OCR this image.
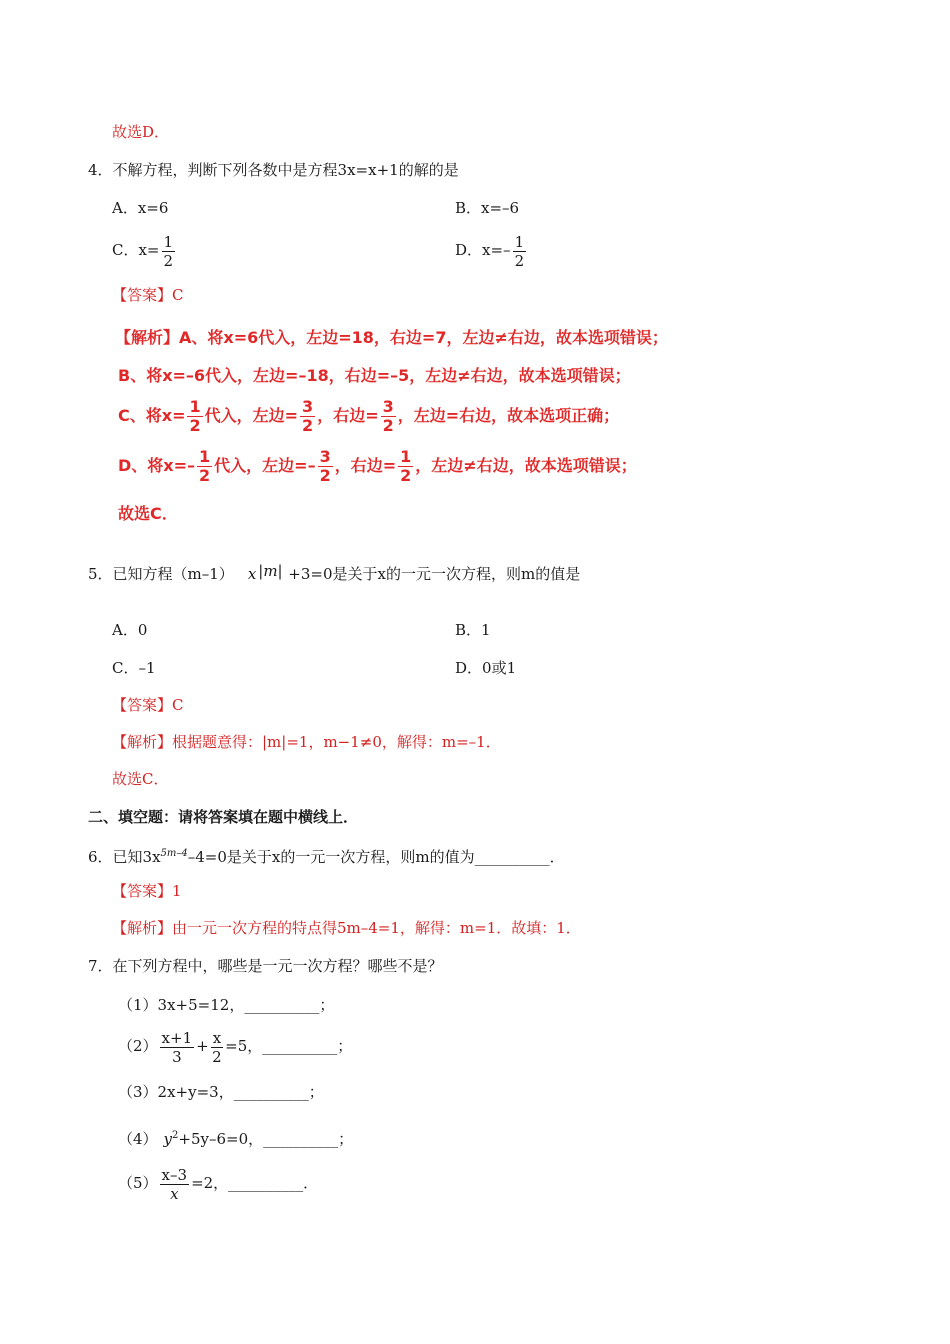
故选D．
4．不解方程，判断下列各数中是方程3x=x+1的解的是
A．x=6	B．x=–6
C．$x= \frac{1}{2}$	D．$x=- \frac{1}{2}$
【答案】C
【解析】A、将x=6代入，左边=18，右边=7，左边≠右边，故本选项错误；
B、将x=–6代入，左边=–18，右边=–5，左边≠右边，故本选项错误；
C、将$x= \frac{1}{2}$ 代入，左边= $\frac{3}{2}$ ，右边= $\frac{3}{2}$ ，左边=右边，故本选项正确；
D、将$x=- \frac{1}{2}$ 代入，左边=– $\frac{3}{2}$ ，右边= $\frac{1}{2}$ ，左边≠右边，故本选项错误；
故选C．
5．已知方程（m–1） x |m| +3=0是关于x的一元一次方程，则m的值是
A．0	B．1
C．–1	D．0或1
【答案】C
【解析】根据题意得：|m|=1，m−1≠0，解得：m=–1．
故选C．
二、填空题：请将答案填在题中横线上．
6．已知$3x^{5m-4}-4=0$是关于x的一元一次方程，则m的值为__________．
【答案】1
【解析】由一元一次方程的特点得5m–4=1，解得：m=1．故填：1．
7．在下列方程中，哪些是一元一次方程？哪些不是？
（1）3x+5=12，__________；
$(2) \frac{x+1}{3} + \frac{x}{2} =5$，__________；
（3）2x+y=3，__________；
（4） $y^2+5y-6=0$，__________；
$(5) \frac{x-3}{x} =2$，__________．
